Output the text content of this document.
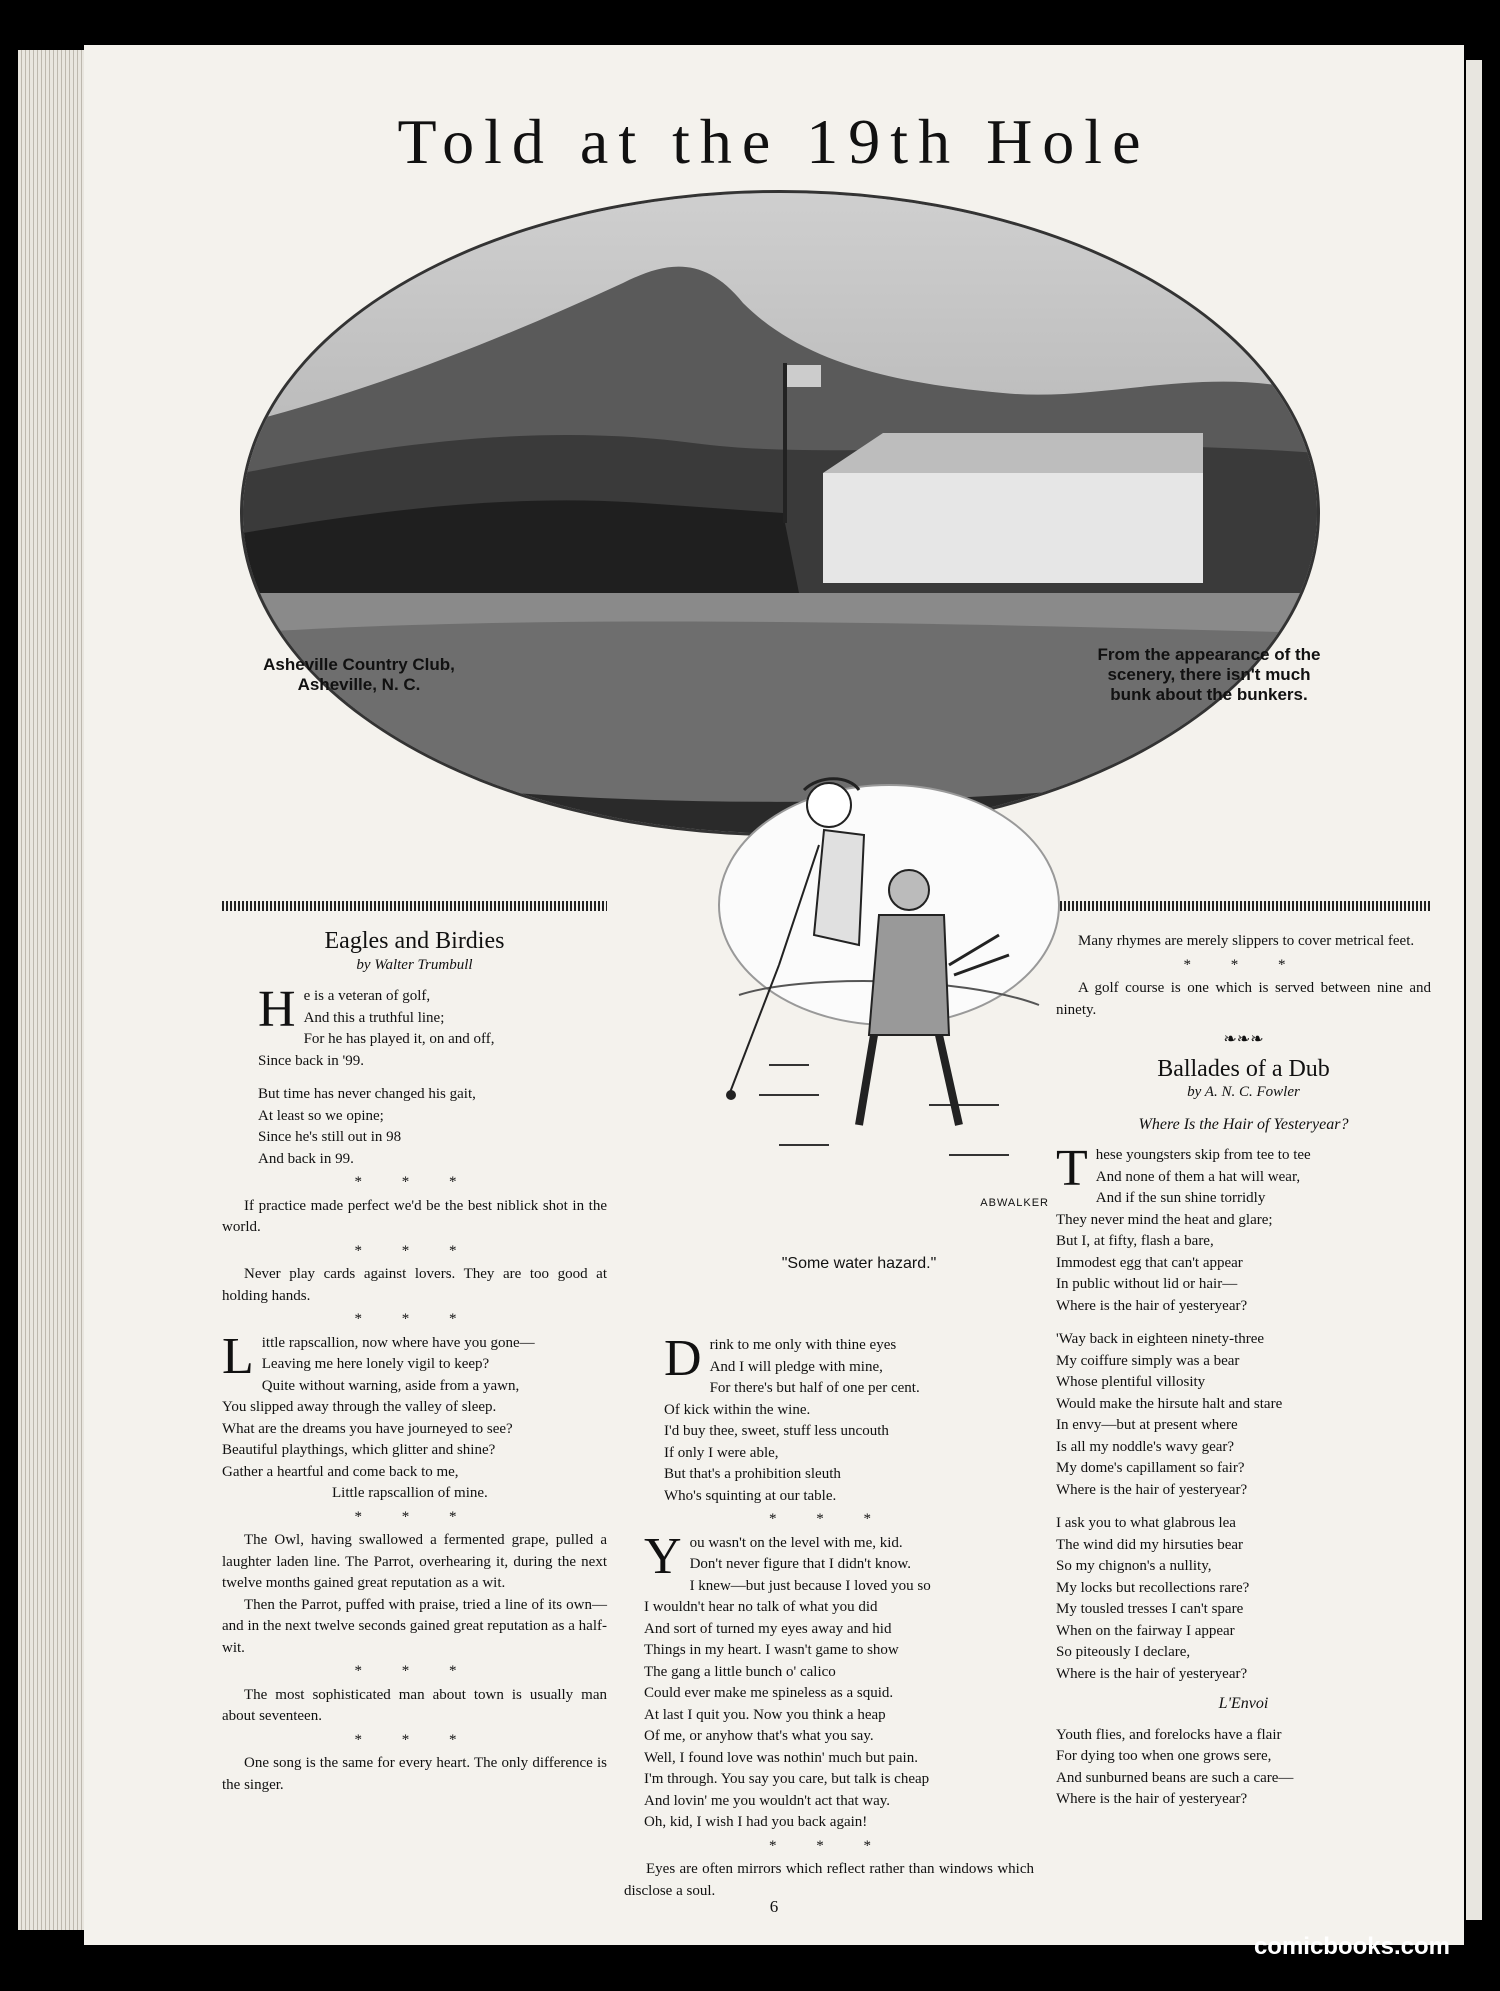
Told at the 19th Hole
Asheville Country Club,
Asheville, N. C.
From the appearance of the
scenery, there isn't much
bunk about the bunkers.
ABWALKER
"Some water hazard."

Eagles and Birdies

by Walter Trumbull

He is a veteran of golf,

And this a truthful line;

For he has played it, on and off,

Since back in '99.

But time has never changed his gait,

At least so we opine;

Since he's still out in 98

And back in 99.

* * *

If practice made perfect we'd be the best niblick shot in the world.

* * *

Never play cards against lovers. They are too good at holding hands.

* * *

Little rapscallion, now where have you gone—

Leaving me here lonely vigil to keep?

Quite without warning, aside from a yawn,

You slipped away through the valley of sleep.

What are the dreams you have journeyed to see?

Beautiful playthings, which glitter and shine?

Gather a heartful and come back to me,

Little rapscallion of mine.

* * *

The Owl, having swallowed a fermented grape, pulled a laughter laden line. The Parrot, overhearing it, during the next twelve months gained great reputation as a wit.

Then the Parrot, puffed with praise, tried a line of its own—and in the next twelve seconds gained great reputation as a half-wit.

* * *

The most sophisticated man about town is usually man about seventeen.

* * *

One song is the same for every heart. The only difference is the singer.

Drink to me only with thine eyes

And I will pledge with mine,

For there's but half of one per cent.

Of kick within the wine.

I'd buy thee, sweet, stuff less uncouth

If only I were able,

But that's a prohibition sleuth

Who's squinting at our table.

* * *

You wasn't on the level with me, kid.

Don't never figure that I didn't know.

I knew—but just because I loved you so

I wouldn't hear no talk of what you did

And sort of turned my eyes away and hid

Things in my heart. I wasn't game to show

The gang a little bunch o' calico

Could ever make me spineless as a squid.

At last I quit you. Now you think a heap

Of me, or anyhow that's what you say.

Well, I found love was nothin' much but pain.

I'm through. You say you care, but talk is cheap

And lovin' me you wouldn't act that way.

Oh, kid, I wish I had you back again!

* * *

Eyes are often mirrors which reflect rather than windows which disclose a soul.

Many rhymes are merely slippers to cover metrical feet.

* * *

A golf course is one which is served between nine and ninety.

❧❧❧

Ballades of a Dub

by A. N. C. Fowler

Where Is the Hair of Yesteryear?

These youngsters skip from tee to tee

And none of them a hat will wear,

And if the sun shine torridly

They never mind the heat and glare;

But I, at fifty, flash a bare,

Immodest egg that can't appear

In public without lid or hair—

Where is the hair of yesteryear?

'Way back in eighteen ninety-three

My coiffure simply was a bear

Whose plentiful villosity

Would make the hirsute halt and stare

In envy—but at present where

Is all my noddle's wavy gear?

My dome's capillament so fair?

Where is the hair of yesteryear?

I ask you to what glabrous lea

The wind did my hirsuties bear

So my chignon's a nullity,

My locks but recollections rare?

My tousled tresses I can't spare

When on the fairway I appear

So piteously I declare,

Where is the hair of yesteryear?

L'Envoi

Youth flies, and forelocks have a flair

For dying too when one grows sere,

And sunburned beans are such a care—

Where is the hair of yesteryear?

6
comicbooks.com
